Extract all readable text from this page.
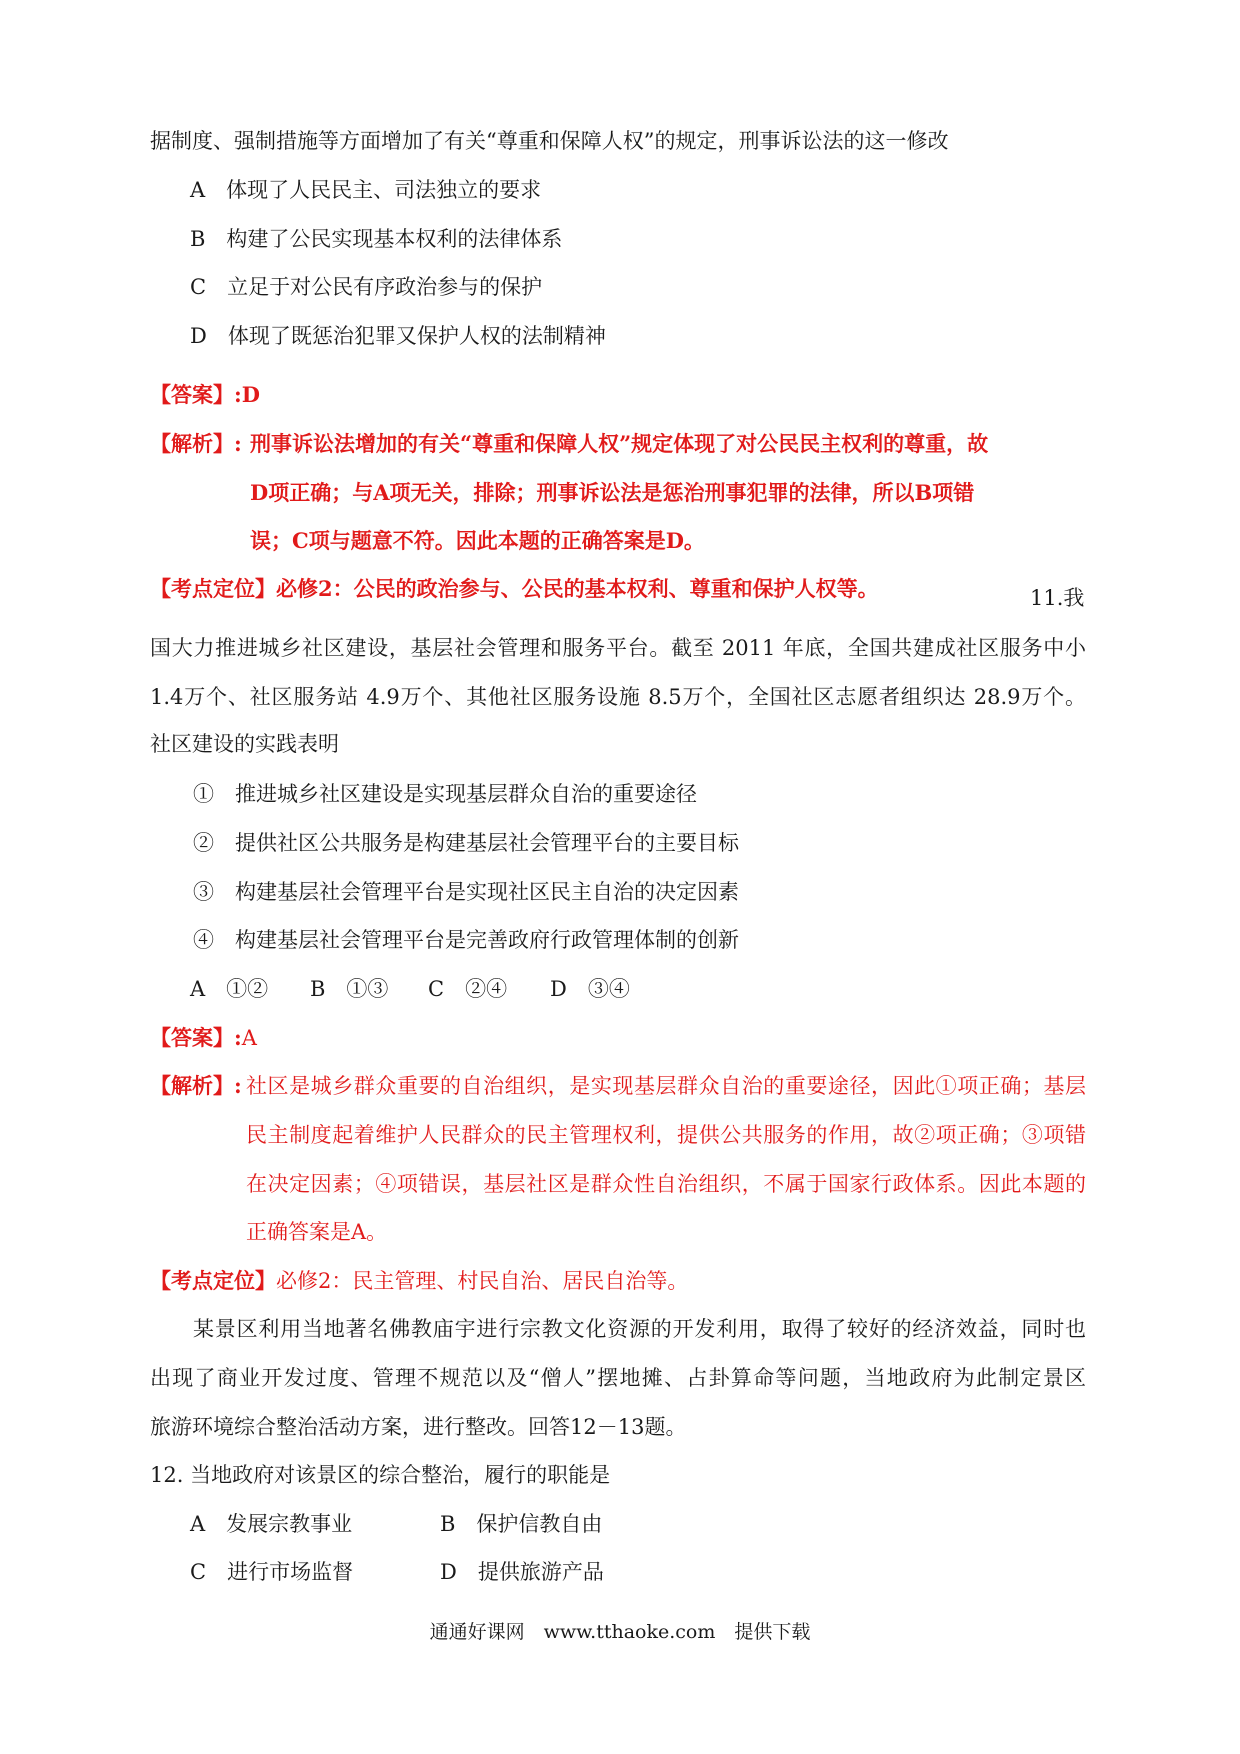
据制度、强制措施等方面增加了有关“尊重和保障人权”的规定，刑事诉讼法的这一修改
A　体现了人民民主、司法独立的要求
B　构建了公民实现基本权利的法律体系
C　立足于对公民有序政治参与的保护
D　体现了既惩治犯罪又保护人权的法制精神
【答案】:D
【解析】: 刑事诉讼法增加的有关“尊重和保障人权”规定体现了对公民民主权利的尊重，故
D项正确；与A项无关，排除；刑事诉讼法是惩治刑事犯罪的法律，所以B项错
误；C项与题意不符。因此本题的正确答案是D。
【考点定位】必修2：公民的政治参与、公民的基本权利、尊重和保护人权等。	11.我
国大力推进城乡社区建设，基层社会管理和服务平台。截至 2011 年底，全国共建成社区服务中小
1.4万个、社区服务站 4.9万个、其他社区服务设施 8.5万个，全国社区志愿者组织达 28.9万个。
社区建设的实践表明
①　推进城乡社区建设是实现基层群众自治的重要途径
②　提供社区公共服务是构建基层社会管理平台的主要目标
③　构建基层社会管理平台是实现社区民主自治的决定因素
④　构建基层社会管理平台是完善政府行政管理体制的创新
A　①② B　①③ C　②④ D　③④
【答案】:A
【解析】: 社区是城乡群众重要的自治组织，是实现基层群众自治的重要途径，因此①项正确；基层
民主制度起着维护人民群众的民主管理权利，提供公共服务的作用，故②项正确；③项错
在决定因素；④项错误，基层社区是群众性自治组织，不属于国家行政体系。因此本题的
正确答案是A。
【考点定位】必修2：民主管理、村民自治、居民自治等。
某景区利用当地著名佛教庙宇进行宗教文化资源的开发利用，取得了较好的经济效益，同时也
出现了商业开发过度、管理不规范以及“僧人”摆地摊、占卦算命等问题，当地政府为此制定景区
旅游环境综合整治活动方案，进行整改。回答12－13题。
12. 当地政府对该景区的综合整治，履行的职能是
A　发展宗教事业	B　保护信教自由
C　进行市场监督	D　提供旅游产品
通通好课网　www.tthaoke.com　提供下载
